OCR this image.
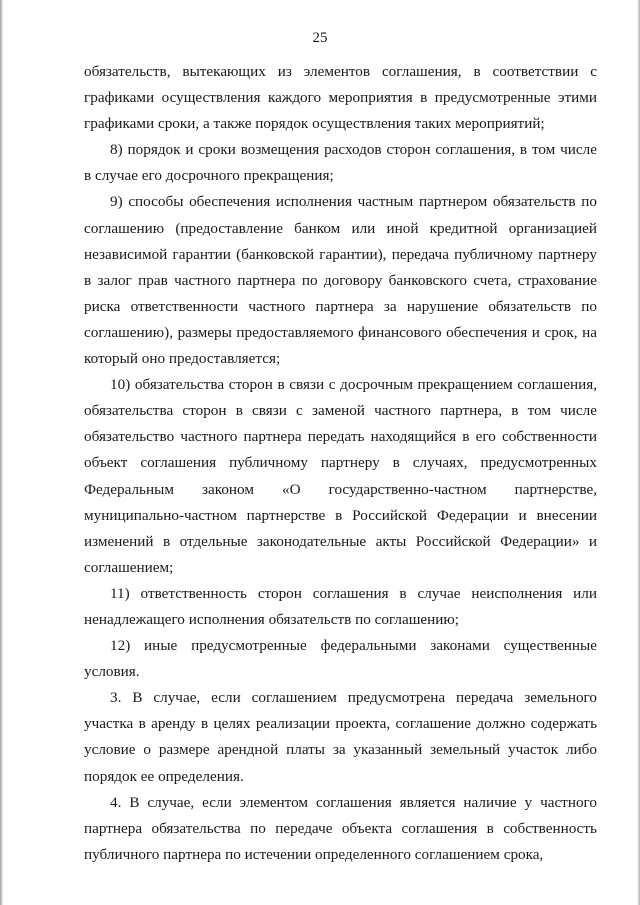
25

обязательств, вытекающих из элементов соглашения, в соответствии с графиками осуществления каждого мероприятия в предусмотренные этими графиками сроки, а также порядок осуществления таких мероприятий;

8) порядок и сроки возмещения расходов сторон соглашения, в том числе в случае его досрочного прекращения;

9) способы обеспечения исполнения частным партнером обязательств по соглашению (предоставление банком или иной кредитной организацией независимой гарантии (банковской гарантии), передача публичному партнеру в залог прав частного партнера по договору банковского счета, страхование риска ответственности частного партнера за нарушение обязательств по соглашению), размеры предоставляемого финансового обеспечения и срок, на который оно предоставляется;

10) обязательства сторон в связи с досрочным прекращением соглашения, обязательства сторон в связи с заменой частного партнера, в том числе обязательство частного партнера передать находящийся в его собственности объект соглашения публичному партнеру в случаях, предусмотренных Федеральным законом «О государственно-частном партнерстве, муниципально-частном партнерстве в Российской Федерации и внесении изменений в отдельные законодательные акты Российской Федерации» и соглашением;

11) ответственность сторон соглашения в случае неисполнения или ненадлежащего исполнения обязательств по соглашению;

12) иные предусмотренные федеральными законами существенные условия.

3. В случае, если соглашением предусмотрена передача земельного участка в аренду в целях реализации проекта, соглашение должно содержать условие о размере арендной платы за указанный земельный участок либо порядок ее определения.

4. В случае, если элементом соглашения является наличие у частного партнера обязательства по передаче объекта соглашения в собственность публичного партнера по истечении определенного соглашением срока,
